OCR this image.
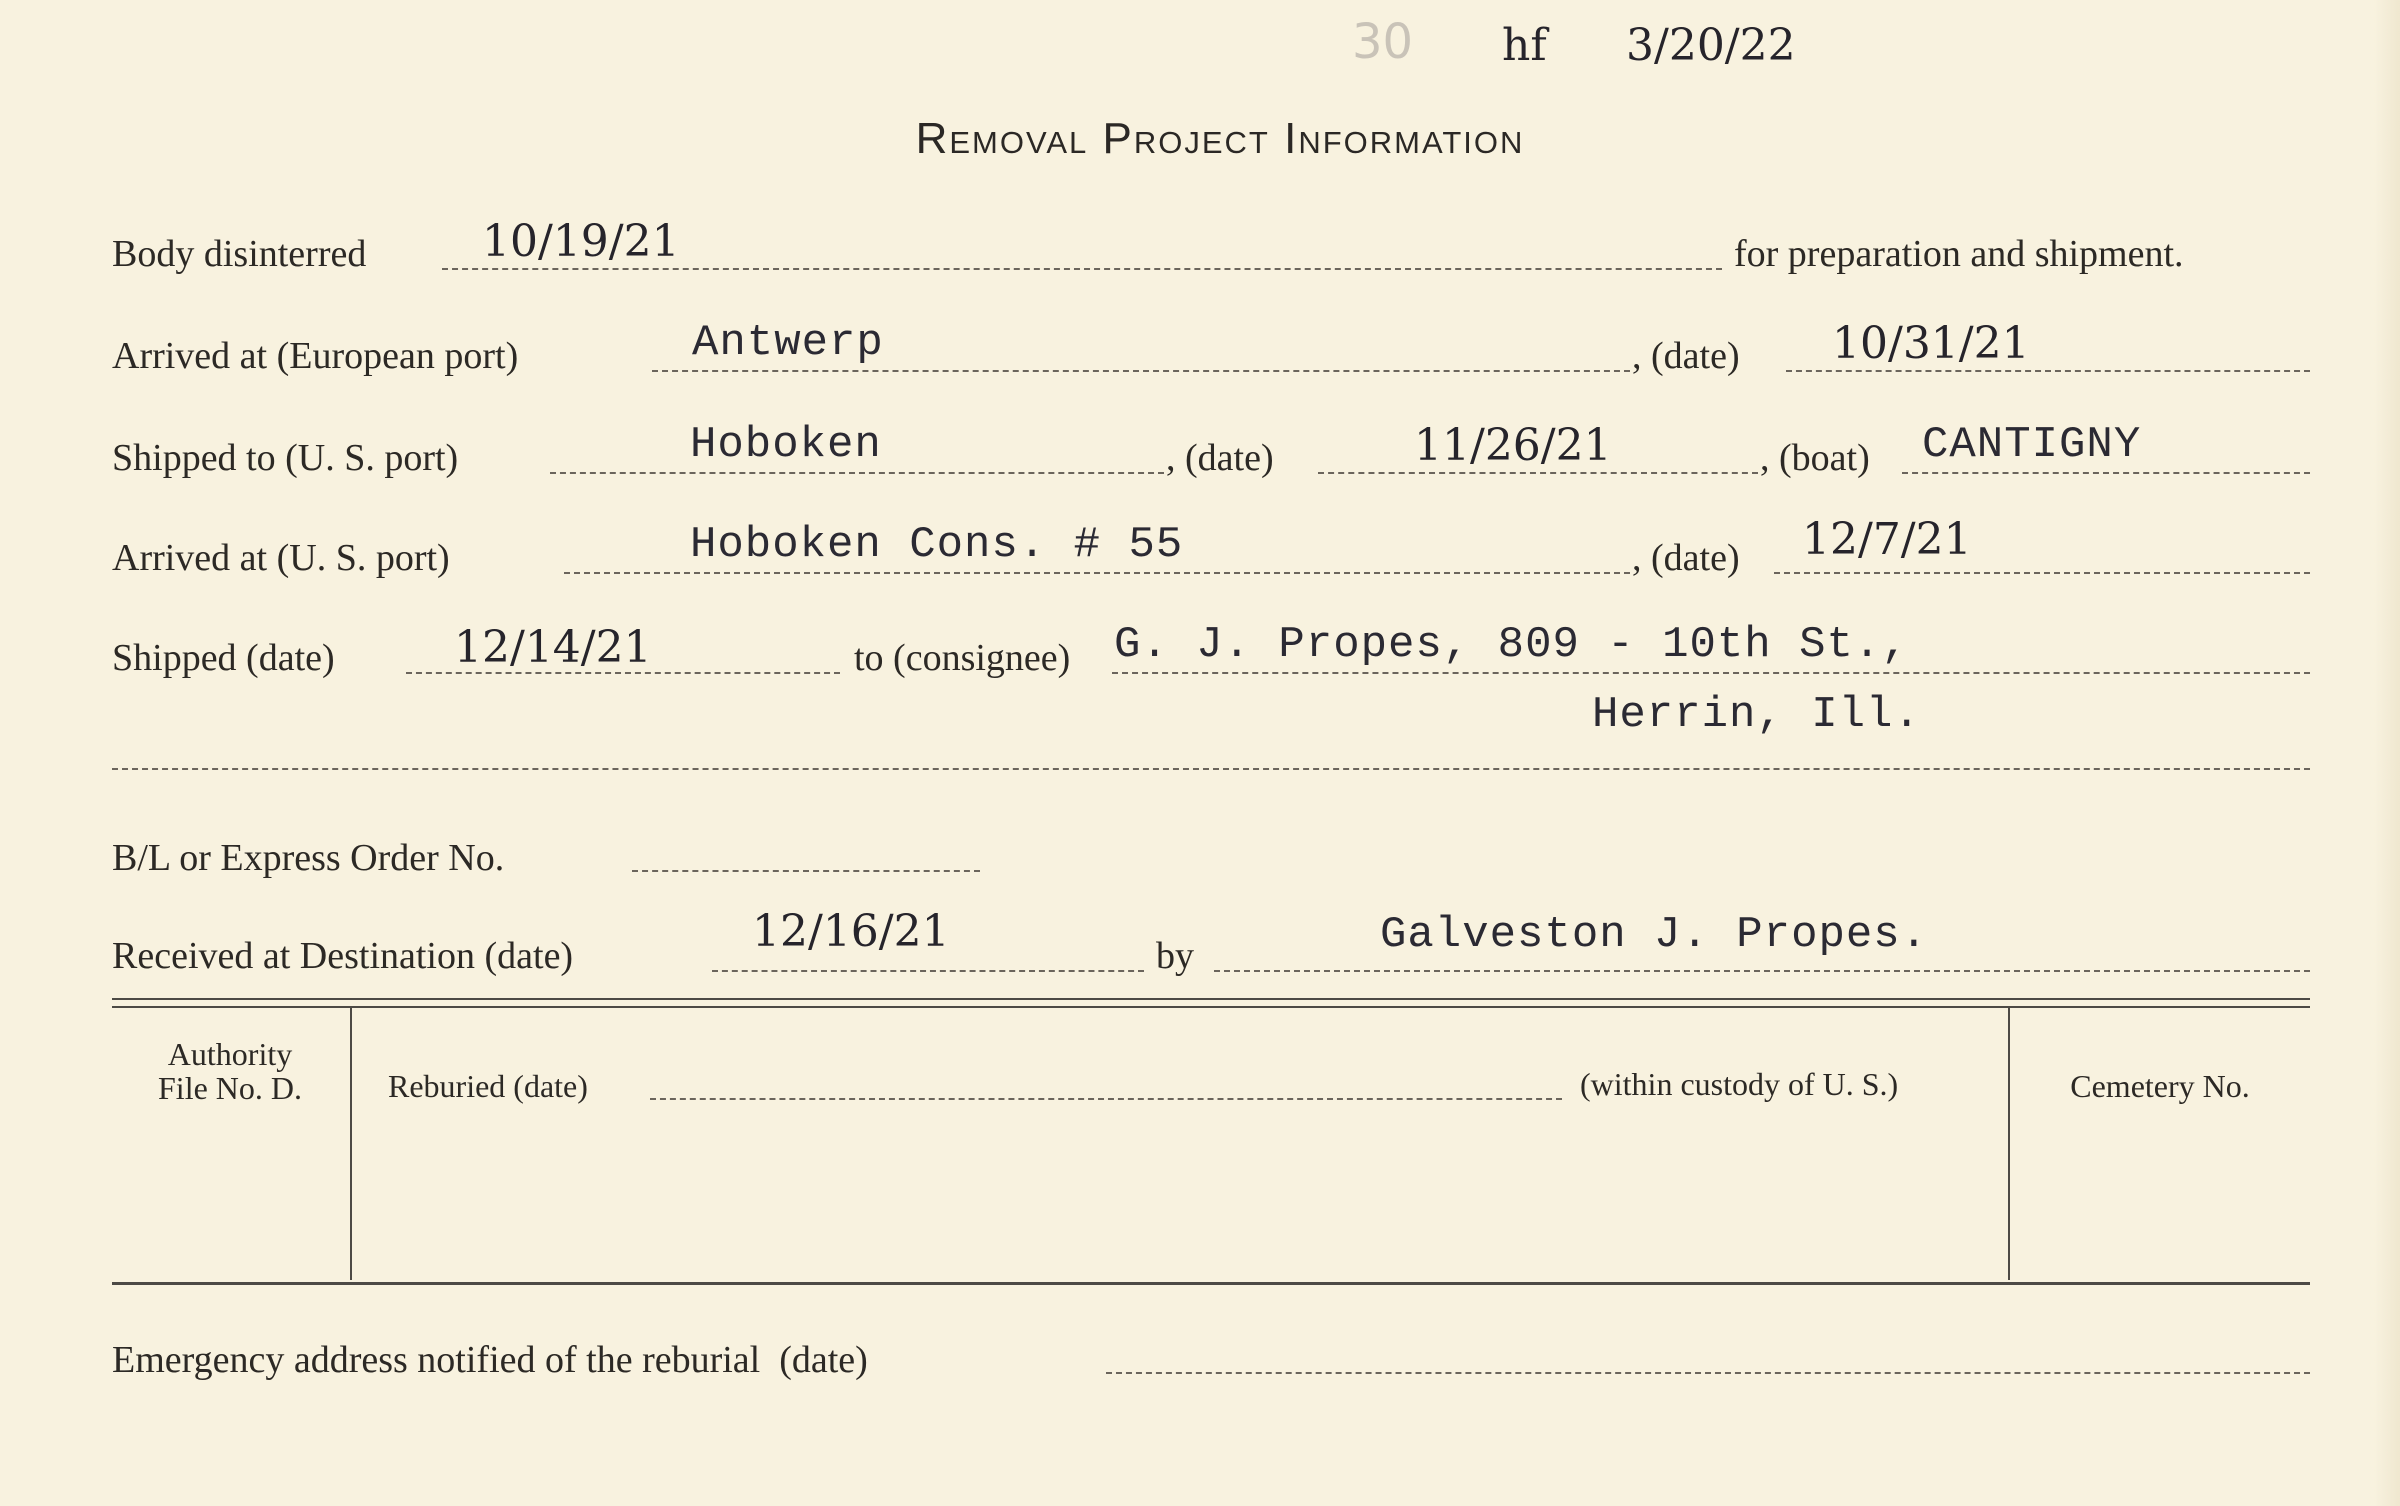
30 hf 3/20/22
Removal Project Information
Body disinterred	10/19/21	for preparation and shipment.
Arrived at (European port)	Antwerp	, (date) 10/31/21
Shipped to (U. S. port)	Hoboken	, (date)	11/26/21	, (boat) CANTIGNY
Arrived at (U. S. port)	Hoboken Cons. # 55	, (date) 12/7/21
Shipped (date)	12/14/21	to (consignee) G. J. Propes, 809 - 10th St.,
Herrin, Ill.
B/L or Express Order No.
Received at Destination (date)	12/16/21	by	Galveston J. Propes.
Authority
File No. D.	Reburied (date)	(within custody of U. S.)	Cemetery No.
Emergency address notified of the reburial  (date)
